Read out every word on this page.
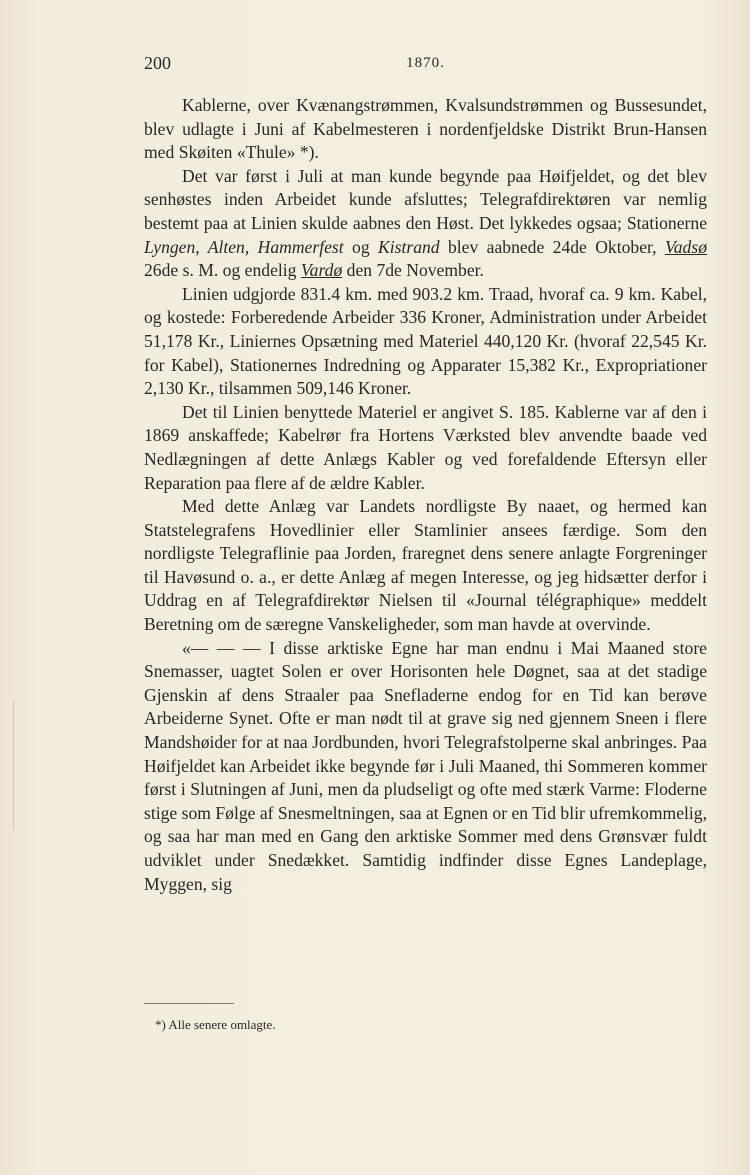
200	1870.

Kablerne, over Kvænangstrømmen, Kvalsundstrømmen og Bussesundet, blev udlagte i Juni af Kabelmesteren i nordenfjeldske Distrikt Brun-Hansen med Skøiten «Thule» *).

Det var først i Juli at man kunde begynde paa Høifjeldet, og det blev senhøstes inden Arbeidet kunde afsluttes; Telegrafdirektøren var nemlig bestemt paa at Linien skulde aabnes den Høst. Det lykkedes ogsaa; Stationerne Lyngen, Alten, Hammerfest og Kistrand blev aabnede 24de Oktober, Vadsø 26de s. M. og endelig Vardø den 7de November.

Linien udgjorde 831.4 km. med 903.2 km. Traad, hvoraf ca. 9 km. Kabel, og kostede: Forberedende Arbeider 336 Kroner, Administration under Arbeidet 51,178 Kr., Liniernes Opsætning med Materiel 440,120 Kr. (hvoraf 22,545 Kr. for Kabel), Stationernes Indredning og Apparater 15,382 Kr., Expropriationer 2,130 Kr., tilsammen 509,146 Kroner.

Det til Linien benyttede Materiel er angivet S. 185. Kablerne var af den i 1869 anskaffede; Kabelrør fra Hortens Værksted blev anvendte baade ved Nedlægningen af dette Anlægs Kabler og ved forefaldende Eftersyn eller Reparation paa flere af de ældre Kabler.

Med dette Anlæg var Landets nordligste By naaet, og hermed kan Statstelegrafens Hovedlinier eller Stamlinier ansees færdige. Som den nordligste Telegraflinie paa Jorden, fraregnet dens senere anlagte Forgreninger til Havøsund o. a., er dette Anlæg af megen Interesse, og jeg hidsætter derfor i Uddrag en af Telegrafdirektør Nielsen til «Journal télégraphique» meddelt Beretning om de særegne Vanskeligheder, som man havde at overvinde.

«— — — I disse arktiske Egne har man endnu i Mai Maaned store Snemasser, uagtet Solen er over Horisonten hele Døgnet, saa at det stadige Gjenskin af dens Straaler paa Snefladerne endog for en Tid kan berøve Arbeiderne Synet. Ofte er man nødt til at grave sig ned gjennem Sneen i flere Mandshøider for at naa Jordbunden, hvori Telegrafstolperne skal anbringes. Paa Høifjeldet kan Arbeidet ikke begynde før i Juli Maaned, thi Sommeren kommer først i Slutningen af Juni, men da pludseligt og ofte med stærk Varme: Floderne stige som Følge af Snesmeltningen, saa at Egnen or en Tid blir ufremkommelig, og saa har man med en Gang den arktiske Sommer med dens Grønsvær fuldt udviklet under Snedækket. Samtidig indfinder disse Egnes Landeplage, Myggen, sig

*) Alle senere omlagte.
